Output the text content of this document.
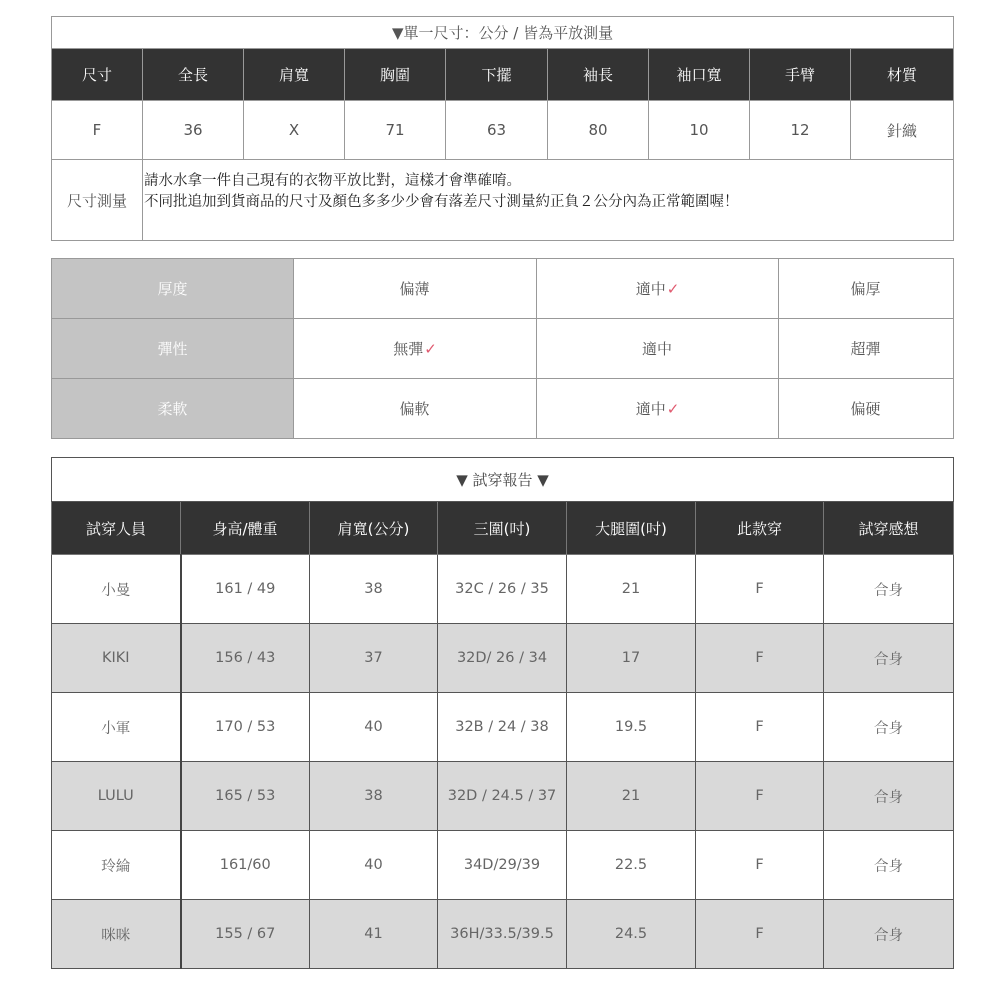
▼單一尺寸：公分 / 皆為平放測量								
尺寸	全長	肩寬	胸圍	下擺	袖長	袖口寬	手臂	材質
F	36	X	71	63	80	10	12	針織
尺寸測量	請水水拿一件自己現有的衣物平放比對，這樣才會準確唷。
不同批追加到貨商品的尺寸及顏色多多少少會有落差尺寸測量約正負２公分內為正常範圍喔！							
厚度	偏薄	適中✓	偏厚
彈性	無彈✓	適中	超彈
柔軟	偏軟	適中✓	偏硬
▼ 試穿報告 ▼						
試穿人員	身高/體重	肩寬(公分)	三圍(吋)	大腿圍(吋)	此款穿	試穿感想
小曼	161 / 49	38	32C / 26 / 35	21	F	合身
KIKI	156 / 43	37	32D/ 26 / 34	17	F	合身
小軍	170 / 53	40	32B / 24 / 38	19.5	F	合身
LULU	165 / 53	38	32D / 24.5 / 37	21	F	合身
玲綸	161/60	40	34D/29/39	22.5	F	合身
咪咪	155 / 67	41	36H/33.5/39.5	24.5	F	合身
